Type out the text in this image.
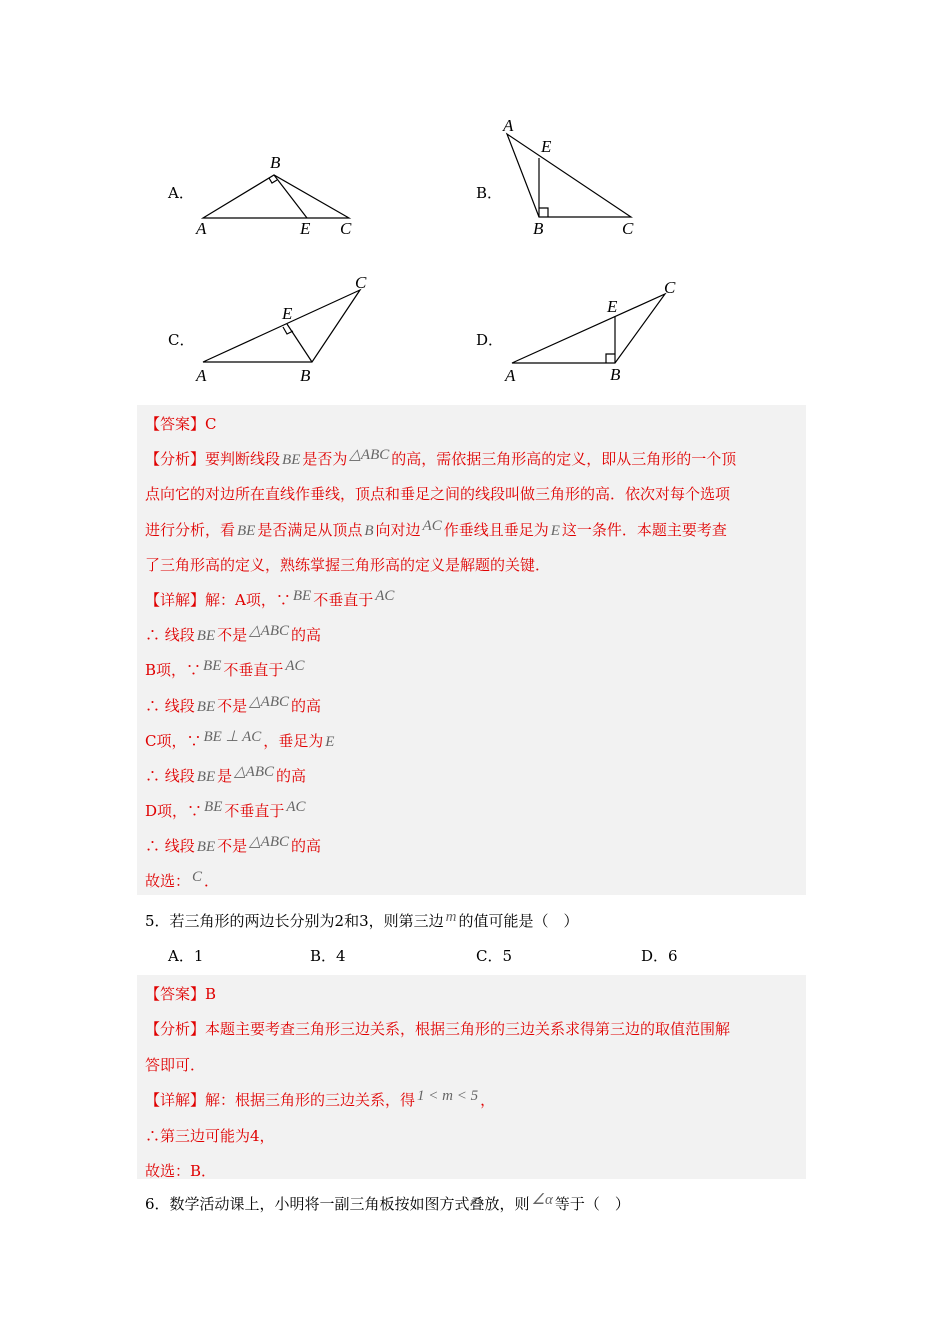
A．
A
B
E C
B．
A
E
B	C
C．
C
E
A	B
D．
E
C
A	B
【答案】C
【分析】要判断线段 BE 是否为 △ABC 的高，需依据三角形高的定义，即从三角形的一个顶
点向它的对边所在直线作垂线，顶点和垂足之间的线段叫做三角形的高．依次对每个选项
进行分析，看 BE 是否满足从顶点 B 向对边 AC 作垂线且垂足为 E 这一条件．本题主要考查
了三角形高的定义，熟练掌握三角形高的定义是解题的关键．
【详解】解：A项，∵ BE 不垂直于 AC
∴ 线段 BE 不是 △ABC 的高
B项，∵ BE 不垂直于 AC
∴ 线段 BE 不是 △ABC 的高
C项，∵ BE ⊥ AC ，垂足为 E
∴ 线段 BE 是 △ABC 的高
D项，∵ BE 不垂直于 AC
∴ 线段 BE 不是 △ABC 的高
故选： C ．
5．若三角形的两边长分别为2和3，则第三边 m 的值可能是（　）
A．1	B．4	C．5	D．6
【答案】B
【分析】本题主要考查三角形三边关系，根据三角形的三边关系求得第三边的取值范围解
答即可．
【详解】解：根据三角形的三边关系，得 1 < m < 5 ，
∴第三边可能为4，
故选：B．
6．数学活动课上，小明将一副三角板按如图方式叠放，则 ∠α 等于（　）
